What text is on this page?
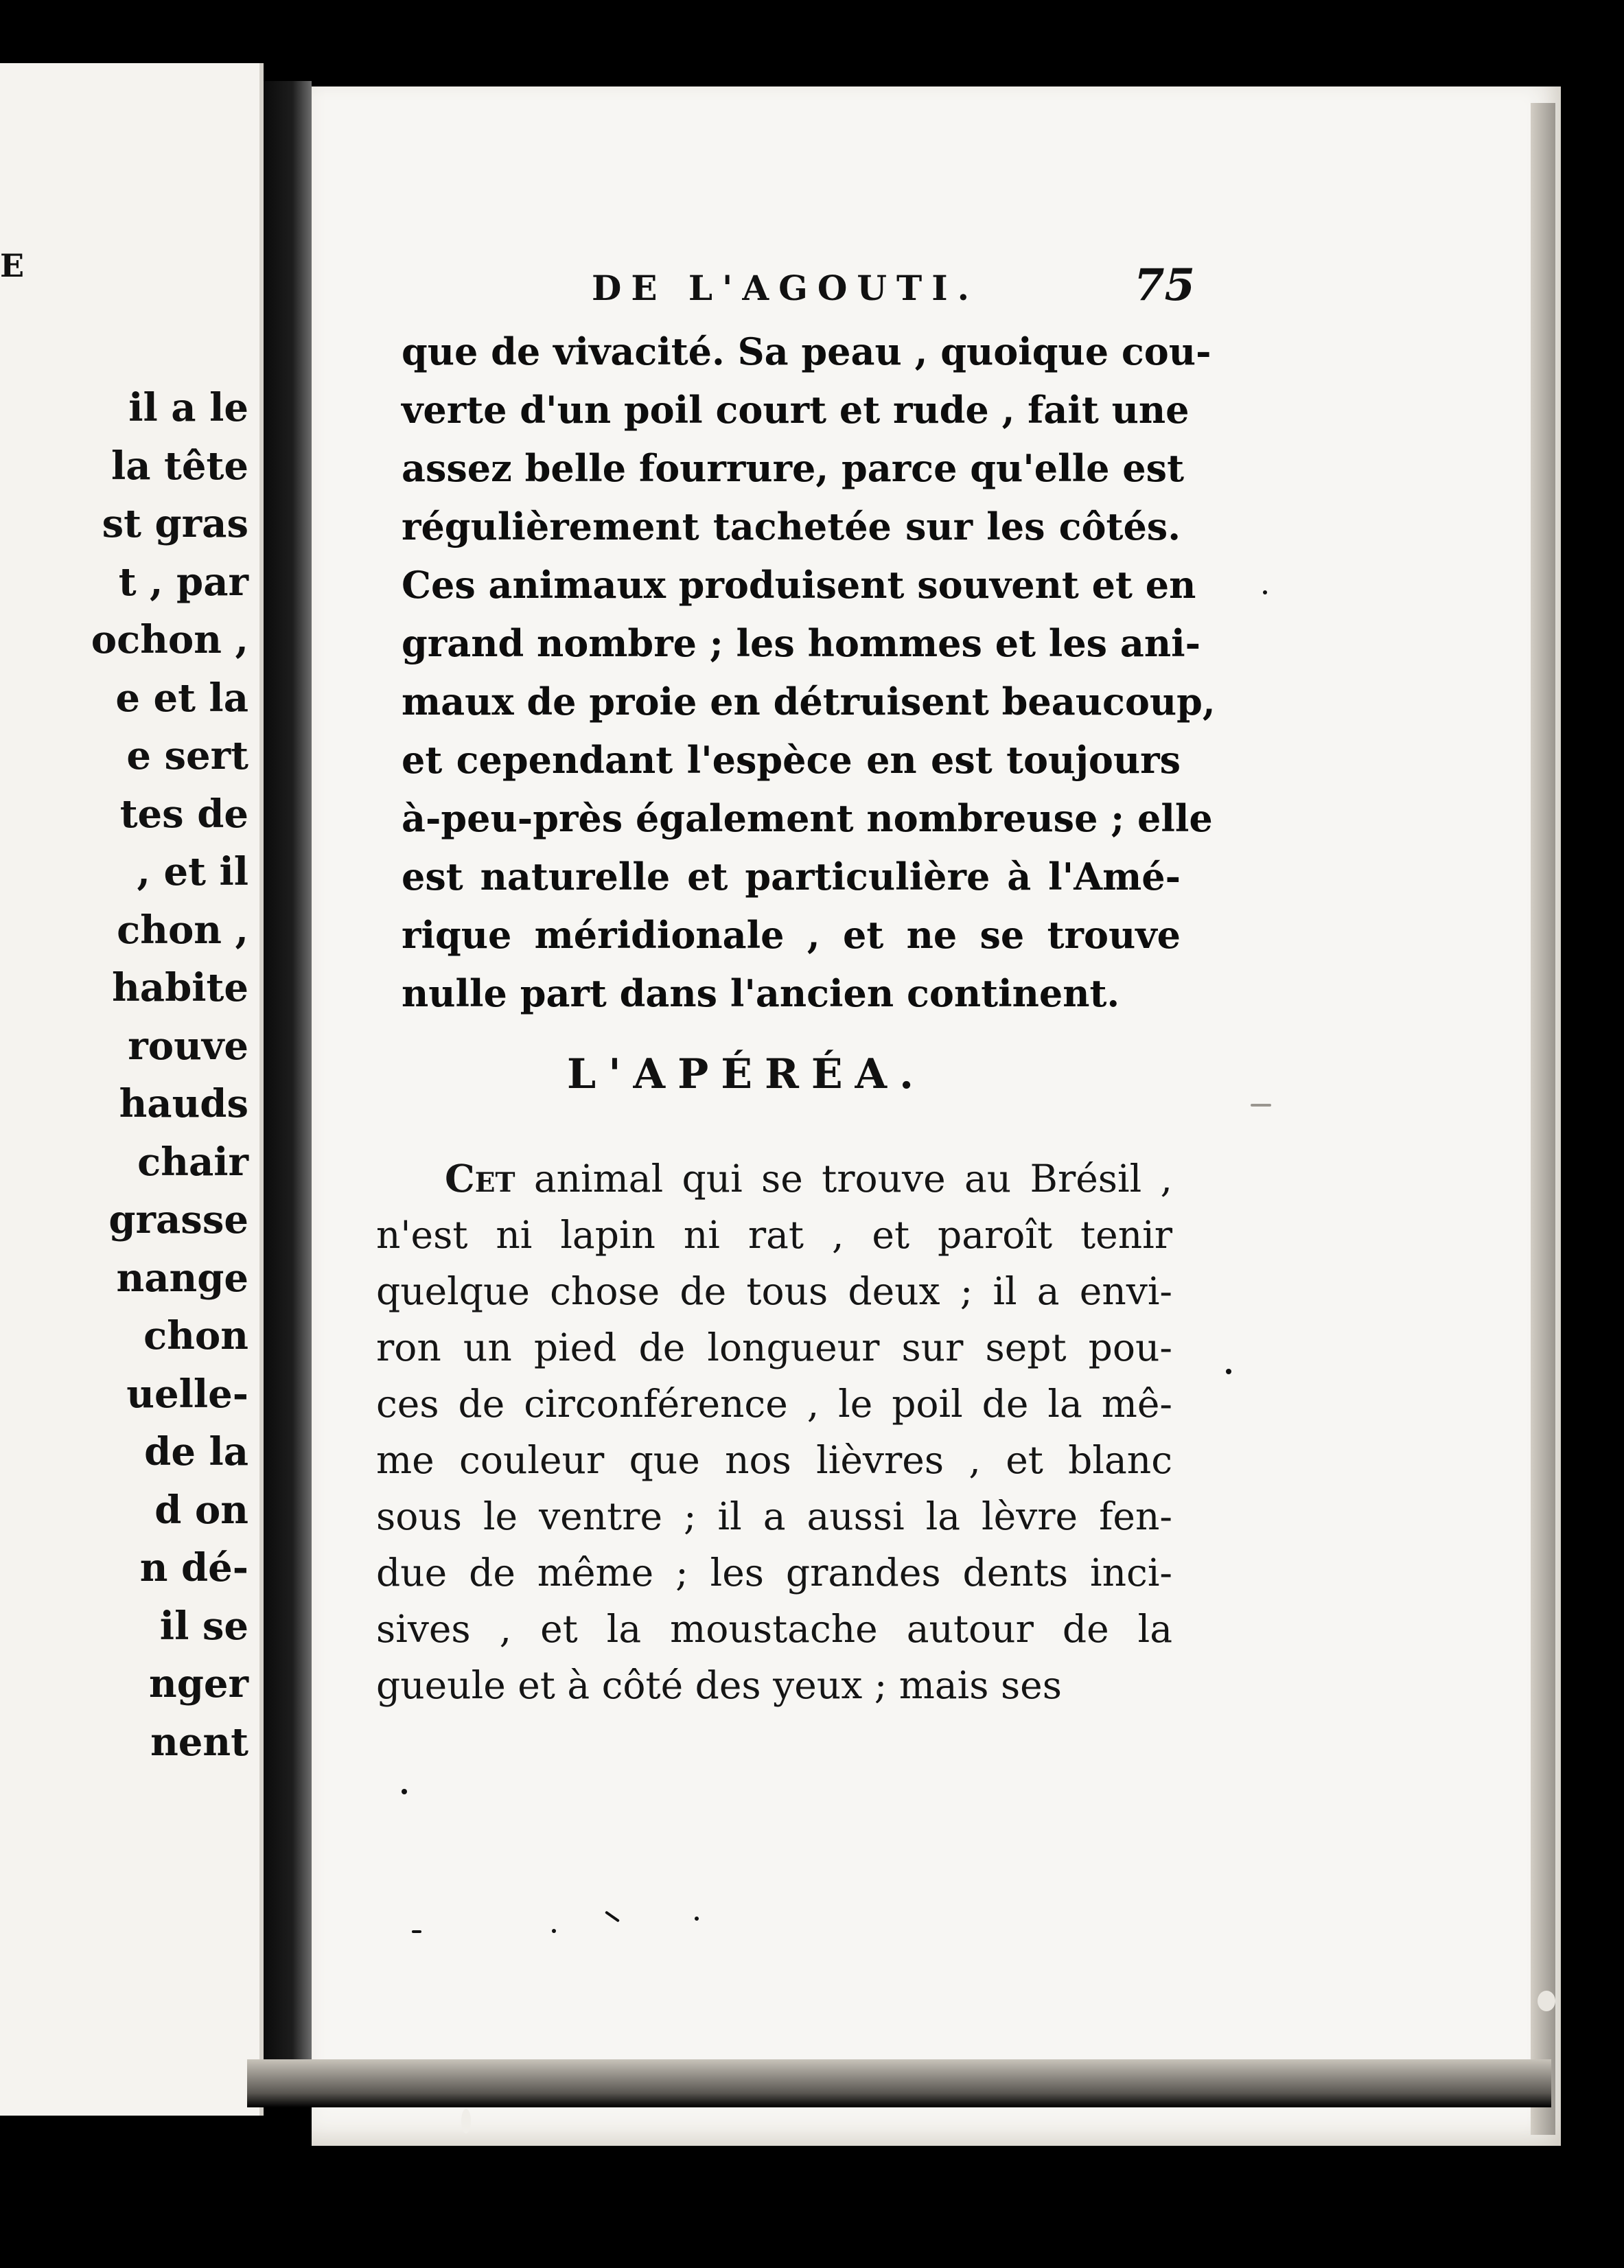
E
il a le
la tête
st gras
t , par
ochon ,
e et la
e sert
tes de
, et il
chon ,
habite
rouve
hauds
chair
grasse
nange
chon
uelle-
de la
d on
n dé-
il se
nger
nent
DE L'AGOUTI.	75
que de vivacité. Sa peau , quoique cou-
verte d'un poil court et rude , fait une
assez belle fourrure, parce qu'elle est
régulièrement tachetée sur les côtés.
Ces animaux produisent souvent et en
grand nombre ; les hommes et les ani-
maux de proie en détruisent beaucoup,
et cependant l'espèce en est toujours
à-peu-près également nombreuse ; elle
est naturelle et particulière à l'Amé-
rique méridionale , et ne se trouve
nulle part dans l'ancien continent.
L'APÉRÉA.
Cet animal qui se trouve au Brésil ,
n'est ni lapin ni rat , et paroît tenir
quelque chose de tous deux ; il a envi-
ron un pied de longueur sur sept pou-
ces de circonférence , le poil de la mê-
me couleur que nos lièvres , et blanc
sous le ventre ; il a aussi la lèvre fen-
due de même ; les grandes dents inci-
sives , et la moustache autour de la
gueule et à côté des yeux ; mais ses
